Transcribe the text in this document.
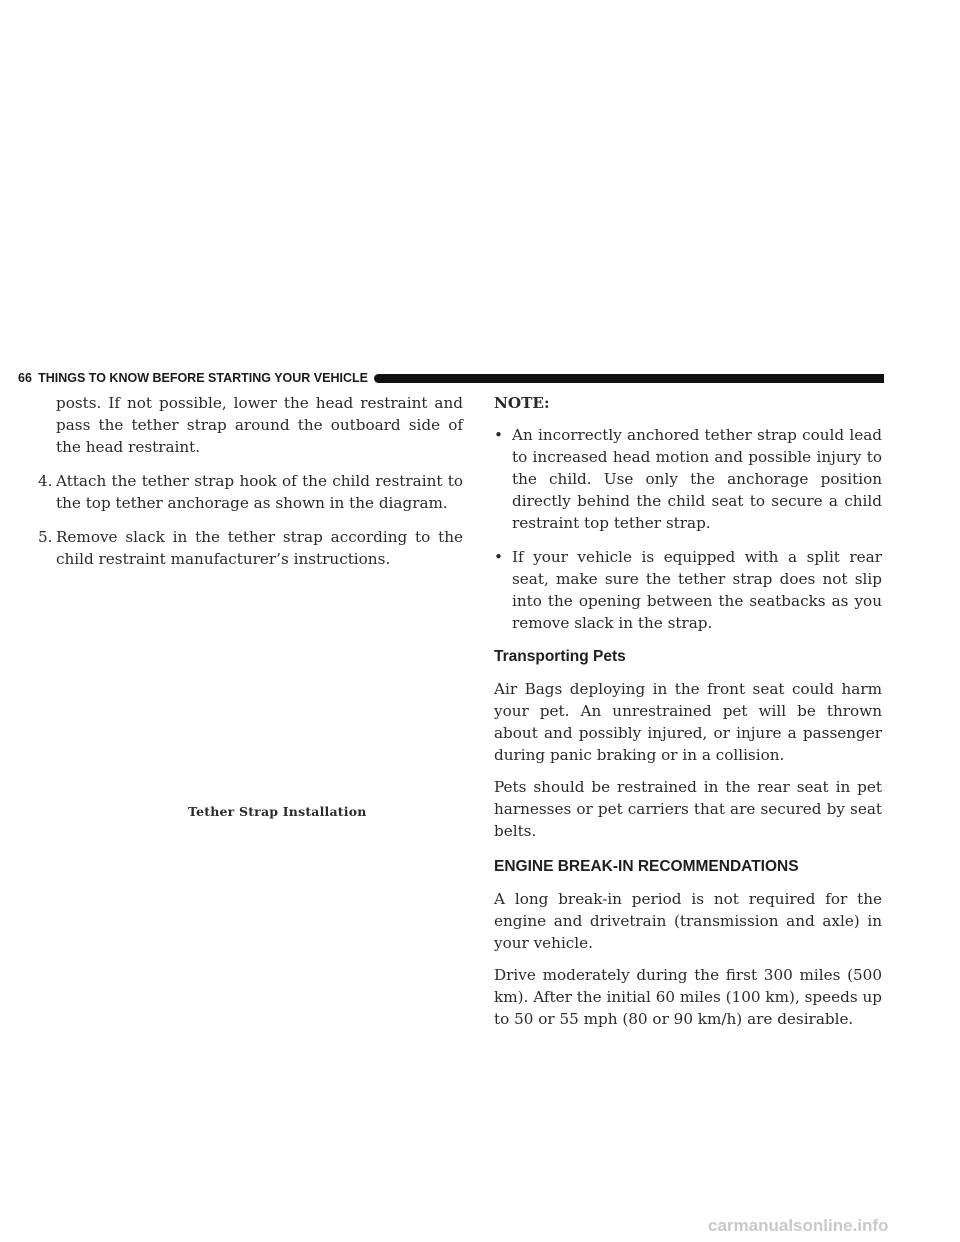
66 THINGS TO KNOW BEFORE STARTING YOUR VEHICLE

posts. If not possible, lower the head restraint and pass the tether strap around the outboard side of the head restraint.

4. Attach the tether strap hook of the child restraint to the top tether anchorage as shown in the diagram.
5. Remove slack in the tether strap according to the child restraint manufacturer’s instructions.
Tether Strap Installation

NOTE:

• An incorrectly anchored tether strap could lead to increased head motion and possible injury to the child. Use only the anchorage position directly behind the child seat to secure a child restraint top tether strap.
• If your vehicle is equipped with a split rear seat, make sure the tether strap does not slip into the opening between the seatbacks as you remove slack in the strap.
Transporting Pets

Air Bags deploying in the front seat could harm your pet. An unrestrained pet will be thrown about and possibly injured, or injure a passenger during panic braking or in a collision.

Pets should be restrained in the rear seat in pet harnesses or pet carriers that are secured by seat belts.

ENGINE BREAK-IN RECOMMENDATIONS

A long break-in period is not required for the engine and drivetrain (transmission and axle) in your vehicle.

Drive moderately during the first 300 miles (500 km). After the initial 60 miles (100 km), speeds up to 50 or 55 mph (80 or 90 km/h) are desirable.

carmanualsonline.info
